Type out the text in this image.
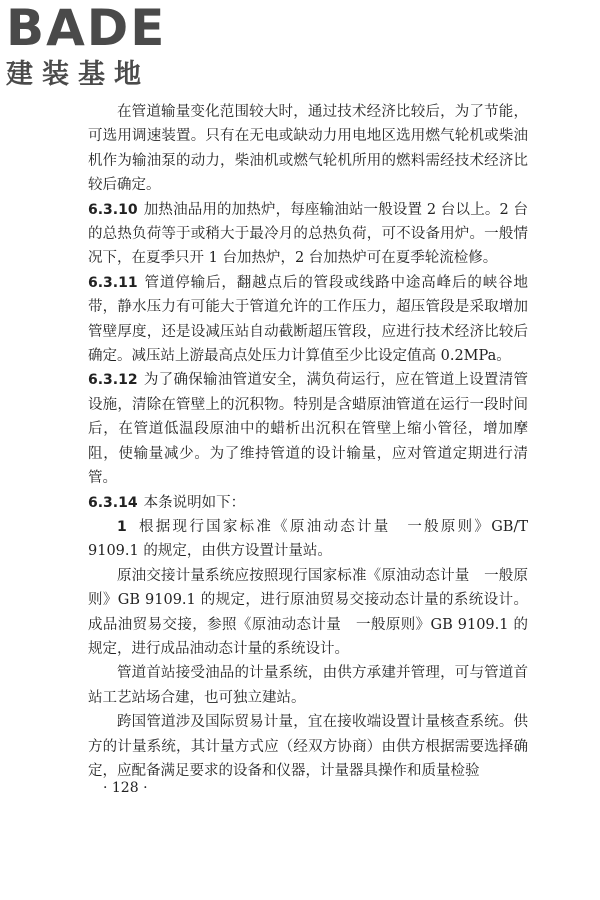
BADE
建装基地

在管道输量变化范围较大时，通过技术经济比较后，为了节能，可选用调速装置。只有在无电或缺动力用电地区选用燃气轮机或柴油机作为输油泵的动力，柴油机或燃气轮机所用的燃料需经技术经济比较后确定。

6.3.10 加热油品用的加热炉，每座输油站一般设置 2 台以上。2 台的总热负荷等于或稍大于最冷月的总热负荷，可不设备用炉。一般情况下，在夏季只开 1 台加热炉，2 台加热炉可在夏季轮流检修。

6.3.11 管道停输后，翻越点后的管段或线路中途高峰后的峡谷地带，静水压力有可能大于管道允许的工作压力，超压管段是采取增加管壁厚度，还是设减压站自动截断超压管段，应进行技术经济比较后确定。减压站上游最高点处压力计算值至少比设定值高 0.2MPa。

6.3.12 为了确保输油管道安全，满负荷运行，应在管道上设置清管设施，清除在管壁上的沉积物。特别是含蜡原油管道在运行一段时间后，在管道低温段原油中的蜡析出沉积在管壁上缩小管径，增加摩阻，使输量减少。为了维持管道的设计输量，应对管道定期进行清管。

6.3.14 本条说明如下：

1 根据现行国家标准《原油动态计量　一般原则》GB/T 9109.1 的规定，由供方设置计量站。

原油交接计量系统应按照现行国家标准《原油动态计量　一般原则》GB 9109.1 的规定，进行原油贸易交接动态计量的系统设计。成品油贸易交接，参照《原油动态计量　一般原则》GB 9109.1 的规定，进行成品油动态计量的系统设计。

管道首站接受油品的计量系统，由供方承建并管理，可与管道首站工艺站场合建，也可独立建站。

跨国管道涉及国际贸易计量，宜在接收端设置计量核查系统。供方的计量系统，其计量方式应（经双方协商）由供方根据需要选择确定，应配备满足要求的设备和仪器，计量器具操作和质量检验

· 128 ·
